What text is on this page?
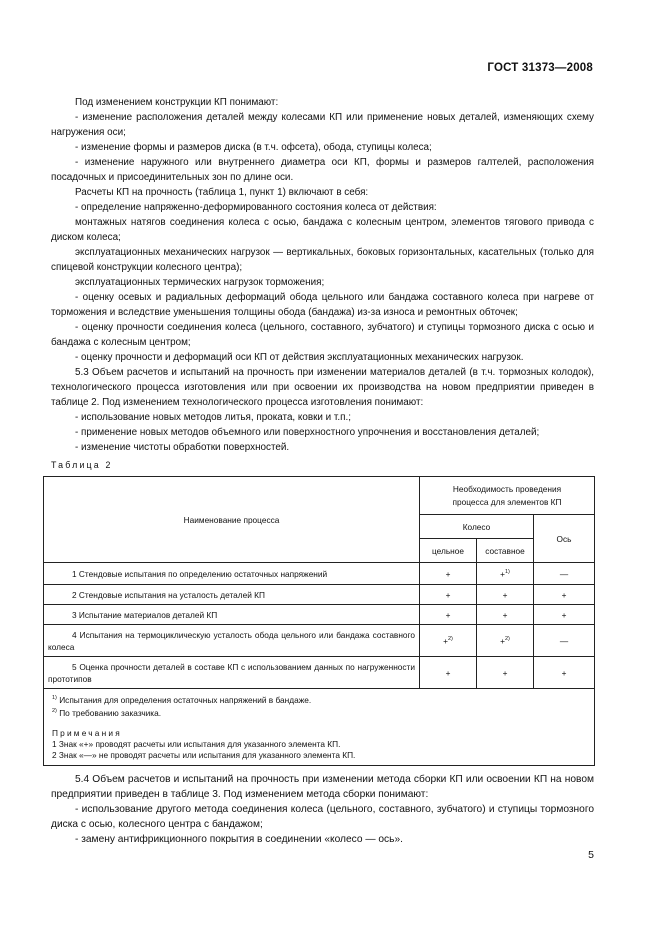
ГОСТ 31373—2008

Под изменением конструкции КП понимают:

- изменение расположения деталей между колесами КП или применение новых деталей, изменяющих схему нагружения оси;

- изменение формы и размеров диска (в т.ч. офсета), обода, ступицы колеса;

- изменение наружного или внутреннего диаметра оси КП, формы и размеров галтелей, расположения посадочных и присоединительных зон по длине оси.

Расчеты КП на прочность (таблица 1, пункт 1) включают в себя:

- определение напряженно-деформированного состояния колеса от действия:

монтажных натягов соединения колеса с осью, бандажа с колесным центром, элементов тягового привода с диском колеса;

эксплуатационных механических нагрузок — вертикальных, боковых горизонтальных, касательных (только для спицевой конструкции колесного центра);

эксплуатационных термических нагрузок торможения;

- оценку осевых и радиальных деформаций обода цельного или бандажа составного колеса при нагреве от торможения и вследствие уменьшения толщины обода (бандажа) из-за износа и ремонтных обточек;

- оценку прочности соединения колеса (цельного, составного, зубчатого) и ступицы тормозного диска с осью и бандажа с колесным центром;

- оценку прочности и деформаций оси КП от действия эксплуатационных механических нагрузок.

5.3 Объем расчетов и испытаний на прочность при изменении материалов деталей (в т.ч. тормозных колодок), технологического процесса изготовления или при освоении их производства на новом предприятии приведен в таблице 2. Под изменением технологического процесса изготовления понимают:

- использование новых методов литья, проката, ковки и т.п.;

- применение новых методов объемного или поверхностного упрочнения и восстановления деталей;

- изменение чистоты обработки поверхностей.

Таблица 2
Наименование процесса	Необходимость проведения процесса для элементов КП		
	Колесо		Ось
	цельное	составное	

1 Стендовые испытания по определению остаточных напряжений	+	+$^{1)}$	—

2 Стендовые испытания на усталость деталей КП	+	+	+

3 Испытание материалов деталей КП	+	+	+

4 Испытания на термоциклическую усталость обода цельного или бандажа составного колеса	+$^{2)}$	+$^{2)}$	—

5 Оценка прочности деталей в составе КП с использованием данных по нагруженности прототипов	+	+	+

$^{1)}$ Испытания для определения остаточных напряжений в бандаже.
$^{2)}$ По требованию заказчика.
Примечания
1 Знак «+» проводят расчеты или испытания для указанного элемента КП.
2 Знак «—» не проводят расчеты или испытания для указанного элемента КП.			

5.4 Объем расчетов и испытаний на прочность при изменении метода сборки КП или освоении КП на новом предприятии приведен в таблице 3. Под изменением метода сборки понимают:

- использование другого метода соединения колеса (цельного, составного, зубчатого) и ступицы тормозного диска с осью, колесного центра с бандажом;

- замену антифрикционного покрытия в соединении «колесо — ось».

5
